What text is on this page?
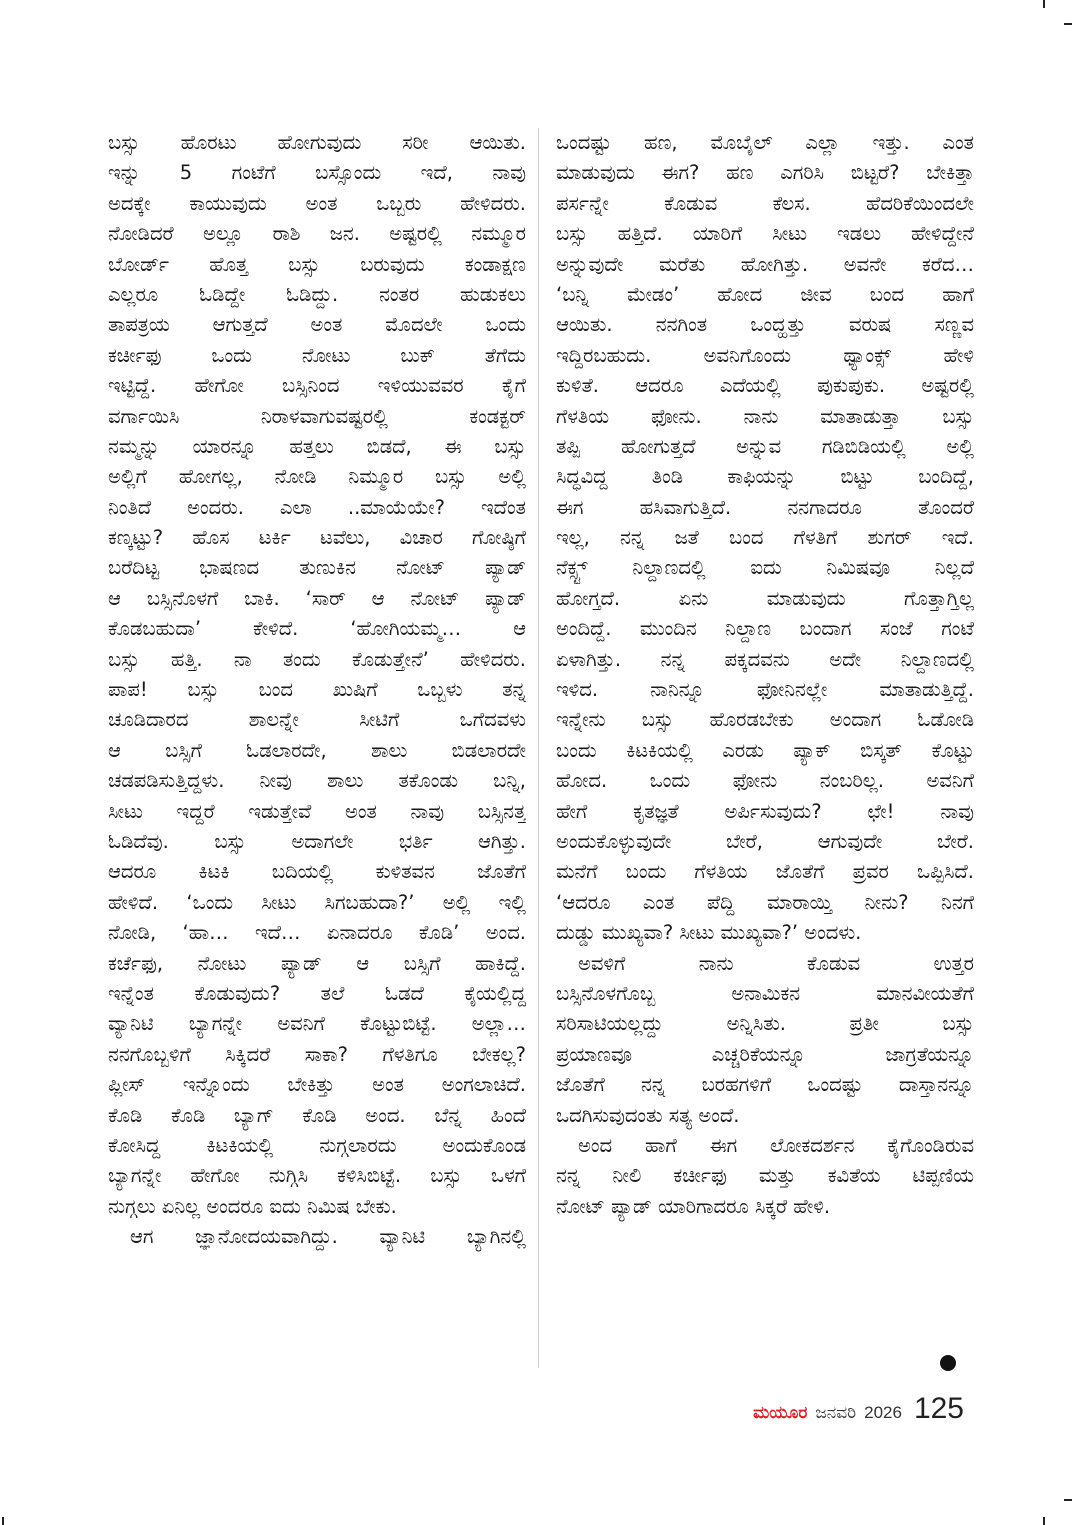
ಬಸ್ಸು ಹೊರಟು ಹೋಗುವುದು ಸರೀ ಆಯಿತು.
ಇನ್ನು 5 ಗಂಟೆಗೆ ಬಸ್ಸೊಂದು ಇದೆ, ನಾವು
ಅದಕ್ಕೇ ಕಾಯುವುದು ಅಂತ ಒಬ್ಬರು ಹೇಳಿದರು.
ನೋಡಿದರೆ ಅಲ್ಲೂ ರಾಶಿ ಜನ. ಅಷ್ಟರಲ್ಲಿ ನಮ್ಮೂರ
ಬೋರ್ಡ್ ಹೊತ್ತ ಬಸ್ಸು ಬರುವುದು ಕಂಡಾಕ್ಷಣ
ಎಲ್ಲರೂ ಓಡಿದ್ದೇ ಓಡಿದ್ದು. ನಂತರ ಹುಡುಕಲು
ತಾಪತ್ರಯ ಆಗುತ್ತದೆ ಅಂತ ಮೊದಲೇ ಒಂದು
ಕರ್ಚೀಫು ಒಂದು ನೋಟು ಬುಕ್ ತೆಗೆದು
ಇಟ್ಟಿದ್ದೆ. ಹೇಗೋ ಬಸ್ಸಿನಿಂದ ಇಳಿಯುವವರ ಕೈಗೆ
ವರ್ಗಾಯಿಸಿ ನಿರಾಳವಾಗುವಷ್ಟರಲ್ಲಿ ಕಂಡಕ್ಟರ್
ನಮ್ಮನ್ನು ಯಾರನ್ನೂ ಹತ್ತಲು ಬಿಡದೆ, ಈ ಬಸ್ಸು
ಅಲ್ಲಿಗೆ ಹೋಗಲ್ಲ, ನೋಡಿ ನಿಮ್ಮೂರ ಬಸ್ಸು ಅಲ್ಲಿ
ನಿಂತಿದೆ ಅಂದರು. ಎಲಾ ..ಮಾಯೆಯೇ? ಇದೆಂತ
ಕಣ್ಕಟ್ಟು? ಹೊಸ ಟರ್ಕಿ ಟವೆಲು, ವಿಚಾರ ಗೋಷ್ಠಿಗೆ
ಬರೆದಿಟ್ಟ ಭಾಷಣದ ತುಣುಕಿನ ನೋಟ್ ಪ್ಯಾಡ್
ಆ ಬಸ್ಸಿನೊಳಗೆ ಬಾಕಿ. ‘ಸಾರ್ ಆ ನೋಟ್ ಪ್ಯಾಡ್
ಕೊಡಬಹುದಾ’ ಕೇಳಿದೆ. ‘ಹೋಗಿಯಮ್ಮ… ಆ
ಬಸ್ಸು ಹತ್ತಿ. ನಾ ತಂದು ಕೊಡುತ್ತೇನೆ’ ಹೇಳಿದರು.
ಪಾಪ! ಬಸ್ಸು ಬಂದ ಖುಷಿಗೆ ಒಬ್ಬಳು ತನ್ನ
ಚೂಡಿದಾರದ ಶಾಲನ್ನೇ ಸೀಟಿಗೆ ಒಗೆದವಳು
ಆ ಬಸ್ಸಿಗೆ ಓಡಲಾರದೇ, ಶಾಲು ಬಿಡಲಾರದೇ
ಚಡಪಡಿಸುತ್ತಿದ್ದಳು. ನೀವು ಶಾಲು ತಕೊಂಡು ಬನ್ನಿ,
ಸೀಟು ಇದ್ದರೆ ಇಡುತ್ತೇವೆ ಅಂತ ನಾವು ಬಸ್ಸಿನತ್ತ
ಓಡಿದೆವು. ಬಸ್ಸು ಅದಾಗಲೇ ಭರ್ತಿ ಆಗಿತ್ತು.
ಆದರೂ ಕಿಟಕಿ ಬದಿಯಲ್ಲಿ ಕುಳಿತವನ ಜೊತೆಗೆ
ಹೇಳಿದೆ. ‘ಒಂದು ಸೀಟು ಸಿಗಬಹುದಾ?’ ಅಲ್ಲಿ ಇಲ್ಲಿ
ನೋಡಿ, ‘ಹಾ… ಇದೆ… ಏನಾದರೂ ಕೊಡಿ’ ಅಂದ.
ಕರ್ಚೆಫು, ನೋಟು ಪ್ಯಾಡ್ ಆ ಬಸ್ಸಿಗೆ ಹಾಕಿದ್ದೆ.
ಇನ್ನೆಂತ ಕೊಡುವುದು? ತಲೆ ಓಡದೆ ಕೈಯಲ್ಲಿದ್ದ
ವ್ಯಾನಿಟಿ ಬ್ಯಾಗನ್ನೇ ಅವನಿಗೆ ಕೊಟ್ಟುಬಿಟ್ಟೆ. ಅಲ್ಲಾ…
ನನಗೊಬ್ಬಳಿಗೆ ಸಿಕ್ಕಿದರೆ ಸಾಕಾ? ಗೆಳತಿಗೂ ಬೇಕಲ್ಲ?
ಪ್ಲೀಸ್ ಇನ್ನೊಂದು ಬೇಕಿತ್ತು ಅಂತ ಅಂಗಲಾಚಿದೆ.
ಕೊಡಿ ಕೊಡಿ ಬ್ಯಾಗ್ ಕೊಡಿ ಅಂದ. ಬೆನ್ನ ಹಿಂದೆ
ಕೋಸಿದ್ದ ಕಿಟಕಿಯಲ್ಲಿ ನುಗ್ಗಲಾರದು ಅಂದುಕೊಂಡ
ಬ್ಯಾಗನ್ನೇ ಹೇಗೋ ನುಗ್ಗಿಸಿ ಕಳಿಸಿಬಿಟ್ಟೆ. ಬಸ್ಸು ಒಳಗೆ
ನುಗ್ಗಲು ಏನಿಲ್ಲ ಅಂದರೂ ಐದು ನಿಮಿಷ ಬೇಕು.
ಆಗ ಜ್ಞಾನೋದಯವಾಗಿದ್ದು. ವ್ಯಾನಿಟಿ ಬ್ಯಾಗಿನಲ್ಲಿ
ಒಂದಷ್ಟು ಹಣ, ಮೊಬೈಲ್ ಎಲ್ಲಾ ಇತ್ತು. ಎಂತ
ಮಾಡುವುದು ಈಗ? ಹಣ ಎಗರಿಸಿ ಬಿಟ್ಟರೆ? ಬೇಕಿತ್ತಾ
ಪರ್ಸನ್ನೇ ಕೊಡುವ ಕೆಲಸ. ಹೆದರಿಕೆಯಿಂದಲೇ
ಬಸ್ಸು ಹತ್ತಿದೆ. ಯಾರಿಗೆ ಸೀಟು ಇಡಲು ಹೇಳಿದ್ದೇನೆ
ಅನ್ನುವುದೇ ಮರೆತು ಹೋಗಿತ್ತು. ಅವನೇ ಕರೆದ…
‘ಬನ್ನಿ ಮೇಡಂ’ ಹೋದ ಜೀವ ಬಂದ ಹಾಗೆ
ಆಯಿತು. ನನಗಿಂತ ಒಂದ್ಹತ್ತು ವರುಷ ಸಣ್ಣವ
ಇದ್ದಿರಬಹುದು. ಅವನಿಗೊಂದು ಥ್ಯಾಂಕ್ಸ್ ಹೇಳಿ
ಕುಳಿತೆ. ಆದರೂ ಎದೆಯಲ್ಲಿ ಪುಕುಪುಕು. ಅಷ್ಟರಲ್ಲಿ
ಗೆಳತಿಯ ಫೋನು. ನಾನು ಮಾತಾಡುತ್ತಾ ಬಸ್ಸು
ತಪ್ಪಿ ಹೋಗುತ್ತದೆ ಅನ್ನುವ ಗಡಿಬಿಡಿಯಲ್ಲಿ ಅಲ್ಲಿ
ಸಿದ್ಧವಿದ್ದ ತಿಂಡಿ ಕಾಫಿಯನ್ನು ಬಿಟ್ಟು ಬಂದಿದ್ದೆ,
ಈಗ ಹಸಿವಾಗುತ್ತಿದೆ. ನನಗಾದರೂ ತೊಂದರೆ
ಇಲ್ಲ, ನನ್ನ ಜತೆ ಬಂದ ಗೆಳತಿಗೆ ಶುಗರ್ ಇದೆ.
ನೆಕ್ಸ್ಟ್ ನಿಲ್ದಾಣದಲ್ಲಿ ಐದು ನಿಮಿಷವೂ ನಿಲ್ಲದೆ
ಹೋಗ್ತದೆ. ಏನು ಮಾಡುವುದು ಗೊತ್ತಾಗ್ತಿಲ್ಲ
ಅಂದಿದ್ದೆ. ಮುಂದಿನ ನಿಲ್ದಾಣ ಬಂದಾಗ ಸಂಜೆ ಗಂಟೆ
ಏಳಾಗಿತ್ತು. ನನ್ನ ಪಕ್ಕದವನು ಅದೇ ನಿಲ್ದಾಣದಲ್ಲಿ
ಇಳಿದ. ನಾನಿನ್ನೂ ಫೋನಿನಲ್ಲೇ ಮಾತಾಡುತ್ತಿದ್ದೆ.
ಇನ್ನೇನು ಬಸ್ಸು ಹೊರಡಬೇಕು ಅಂದಾಗ ಓಡೋಡಿ
ಬಂದು ಕಿಟಕಿಯಲ್ಲಿ ಎರಡು ಪ್ಯಾಕ್ ಬಿಸ್ಕತ್ ಕೊಟ್ಟು
ಹೋದ. ಒಂದು ಫೋನು ನಂಬರಿಲ್ಲ. ಅವನಿಗೆ
ಹೇಗೆ ಕೃತಜ್ಞತೆ ಅರ್ಪಿಸುವುದು? ಛೇ! ನಾವು
ಅಂದುಕೊಳ್ಳುವುದೇ ಬೇರೆ, ಆಗುವುದೇ ಬೇರೆ.
ಮನೆಗೆ ಬಂದು ಗೆಳತಿಯ ಜೊತೆಗೆ ಪ್ರವರ ಒಪ್ಪಿಸಿದೆ.
‘ಆದರೂ ಎಂತ ಪೆದ್ದಿ ಮಾರಾಯ್ತಿ ನೀನು? ನಿನಗೆ
ದುಡ್ಡು ಮುಖ್ಯವಾ? ಸೀಟು ಮುಖ್ಯವಾ?’ ಅಂದಳು.
ಅವಳಿಗೆ ನಾನು ಕೊಡುವ ಉತ್ತರ
ಬಸ್ಸಿನೊಳಗೊಬ್ಬ ಅನಾಮಿಕನ ಮಾನವೀಯತೆಗೆ
ಸರಿಸಾಟಿಯಲ್ಲದ್ದು ಅನ್ನಿಸಿತು. ಪ್ರತೀ ಬಸ್ಸು
ಪ್ರಯಾಣವೂ ಎಚ್ಚರಿಕೆಯನ್ನೂ ಜಾಗ್ರತೆಯನ್ನೂ
ಜೊತೆಗೆ ನನ್ನ ಬರಹಗಳಿಗೆ ಒಂದಷ್ಟು ದಾಸ್ತಾನನ್ನೂ
ಒದಗಿಸುವುದಂತು ಸತ್ಯ ಅಂದೆ.
ಅಂದ ಹಾಗೆ ಈಗ ಲೋಕದರ್ಶನ ಕೈಗೊಂಡಿರುವ
ನನ್ನ ನೀಲಿ ಕರ್ಚೀಫು ಮತ್ತು ಕವಿತೆಯ ಟಿಪ್ಪಣಿಯ
ನೋಟ್ ಪ್ಯಾಡ್ ಯಾರಿಗಾದರೂ ಸಿಕ್ಕರೆ ಹೇಳಿ.
ಮಯೂರ ಜನವರಿ 2026 125
